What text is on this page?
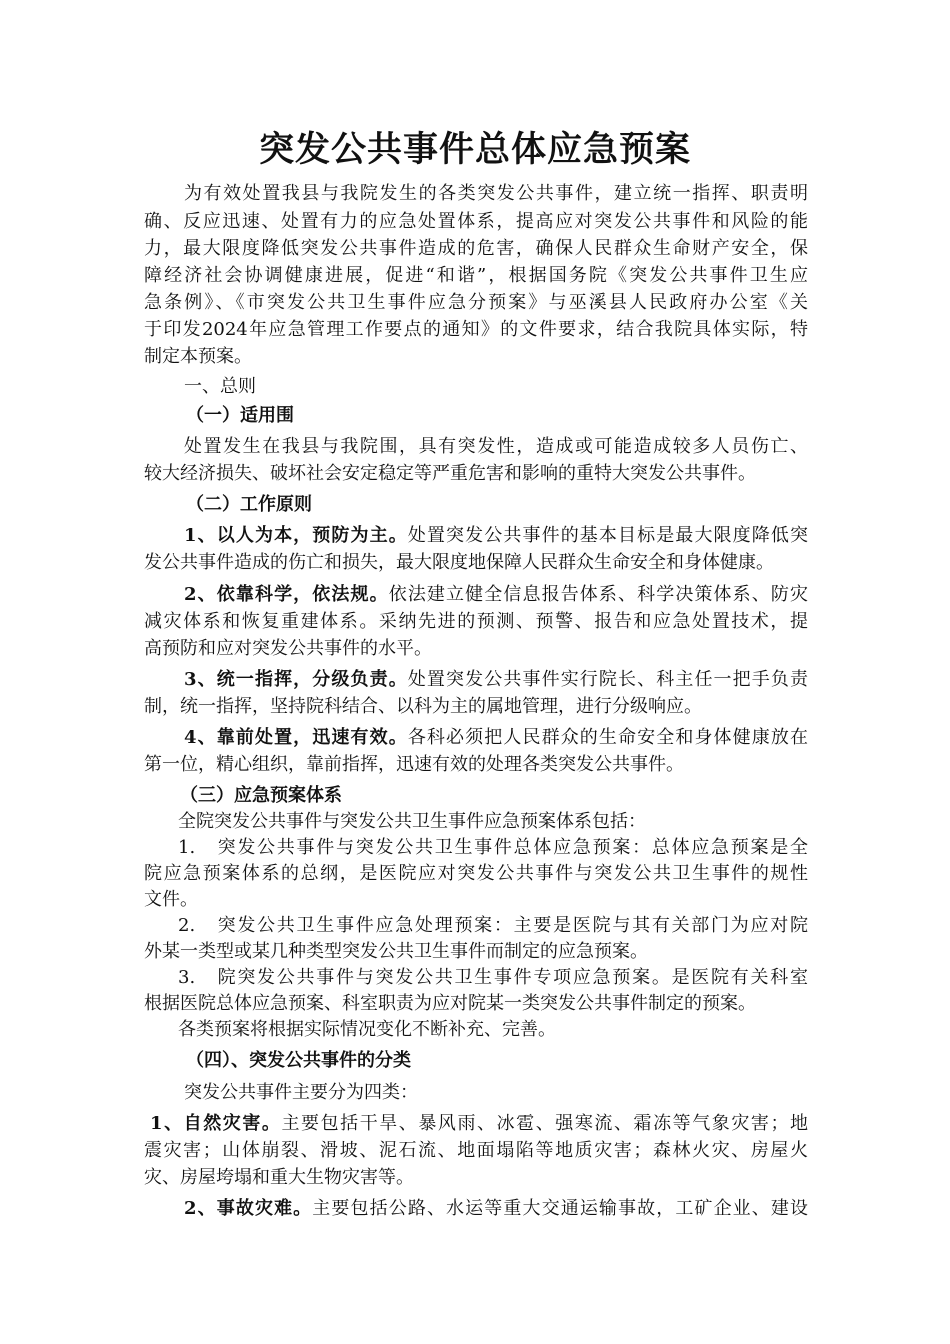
突发公共事件总体应急预案
为有效处置我县与我院发生的各类突发公共事件，建立统一指挥、职责明
确、反应迅速、处置有力的应急处置体系，提高应对突发公共事件和风险的能
力，最大限度降低突发公共事件造成的危害，确保人民群众生命财产安全，保
障经济社会协调健康进展，促进“和谐”，根据国务院《突发公共事件卫生应
急条例》、《市突发公共卫生事件应急分预案》与巫溪县人民政府办公室《关
于印发2024年应急管理工作要点的通知》的文件要求，结合我院具体实际，特
制定本预案。
一、总则
（一）适用围
处置发生在我县与我院围，具有突发性，造成或可能造成较多人员伤亡、
较大经济损失、破坏社会安定稳定等严重危害和影响的重特大突发公共事件。
（二）工作原则
1、以人为本，预防为主。处置突发公共事件的基本目标是最大限度降低突
发公共事件造成的伤亡和损失，最大限度地保障人民群众生命安全和身体健康。
2、依靠科学，依法规。依法建立健全信息报告体系、科学决策体系、防灾
减灾体系和恢复重建体系。采纳先进的预测、预警、报告和应急处置技术，提
高预防和应对突发公共事件的水平。
3、统一指挥，分级负责。处置突发公共事件实行院长、科主任一把手负责
制，统一指挥，坚持院科结合、以科为主的属地管理，进行分级响应。
4、靠前处置，迅速有效。各科必须把人民群众的生命安全和身体健康放在
第一位，精心组织，靠前指挥，迅速有效的处理各类突发公共事件。
（三）应急预案体系
全院突发公共事件与突发公共卫生事件应急预案体系包括：
1. 突发公共事件与突发公共卫生事件总体应急预案：总体应急预案是全
院应急预案体系的总纲，是医院应对突发公共事件与突发公共卫生事件的规性
文件。
2. 突发公共卫生事件应急处理预案：主要是医院与其有关部门为应对院
外某一类型或某几种类型突发公共卫生事件而制定的应急预案。
3. 院突发公共事件与突发公共卫生事件专项应急预案。是医院有关科室
根据医院总体应急预案、科室职责为应对院某一类突发公共事件制定的预案。
各类预案将根据实际情况变化不断补充、完善。
（四）、突发公共事件的分类
突发公共事件主要分为四类：
1、自然灾害。主要包括干旱、暴风雨、冰雹、强寒流、霜冻等气象灾害；地
震灾害；山体崩裂、滑坡、泥石流、地面塌陷等地质灾害；森林火灾、房屋火
灾、房屋垮塌和重大生物灾害等。
2、事故灾难。主要包括公路、水运等重大交通运输事故，工矿企业、建设
